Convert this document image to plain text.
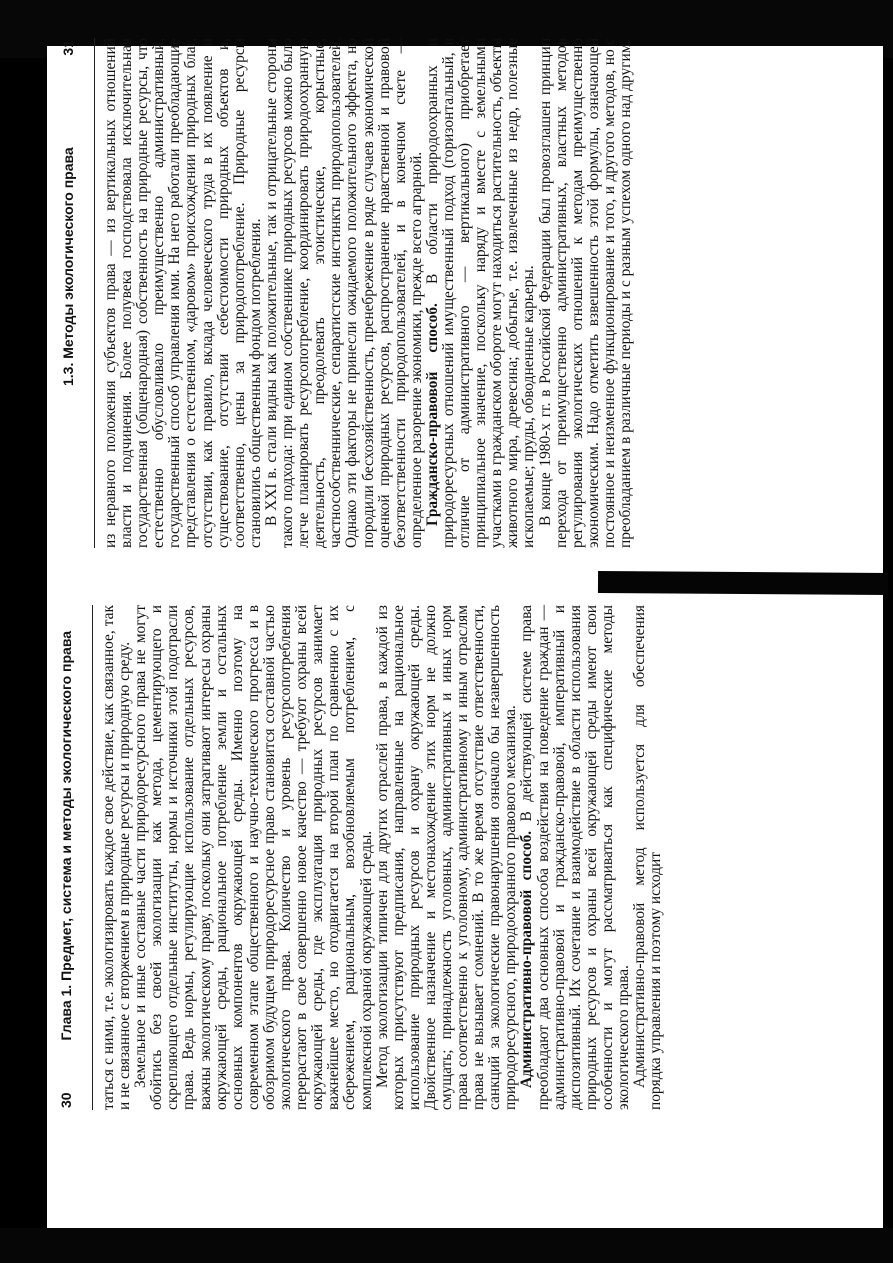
30
Глава 1. Предмет, система и методы экологического права таться с ними, т.е. экологизировать каждое свое действие, как связанное, так и не связанное с вторжением в природные ресурсы и природную среду. Земельное и иные составные части природоресурсного права не могут обойтись без своей экологизации как метода, цементирующего и скрепляющего отдельные институты, нормы и источники этой подотрасли права. Ведь нормы, регулирующие использование отдельных ресурсов, важны экологическому праву, поскольку они затрагивают интересы охраны окружающей среды, рациональное потребление земли и остальных основных компонентов окружающей среды. Именно поэтому на современном этапе общественного и научно-технического прогресса и в обозримом будущем природоресурсное право становится составной частью экологического права. Количество и уровень ресурсопотребления перерастают в свое совершенно новое качество — требуют охраны всей окружающей среды, где эксплуатация природных ресурсов занимает важнейшее место, но отодвигается на второй план по сравнению с их сбережением, рациональным, возобновляемым потреблением, с комплексной охраной окружающей среды. Метод экологизации типичен для других отраслей права, в каждой из которых присутствуют предписания, направленные на рациональное использование природных ресурсов и охрану окружающей среды. Двойственное назначение и местонахождение этих норм не должно смущать; принадлежность уголовных, административных и иных норм права соответственно к уголовному, административному и иным отраслям права не вызывает сомнений. В то же время отсутствие ответственности, санкций за экологические правонарушения означало бы незавершенность природоресурсного, природоохранного правового механизма. Административно-правовой способ. В действующей системе права преобладают два основных способа воздействия на поведение граждан — административно-правовой и гражданско-правовой, императивный и диспозитивный. Их сочетание и взаимодействие в области использования природных ресурсов и охраны всей окружающей среды имеют свои особенности и могут рассматриваться как специфические методы экологического права. Административно-правовой метод используется для обеспечения порядка управления и поэтому исходит

1.3. Методы экологического права
31 из неравного положения субъектов права — из вертикальных отношений власти и подчинения. Более полувека господствовала исключительная государственная (общенародная) собственность на природные ресурсы, что естественно обусловливало преимущественно административный, государственный способ управления ими. На него работали преобладающие представления о естественном, «даровом» происхождении природных благ, отсутствии, как правило, вклада человеческого труда в их появление и существование, отсутствии себестоимости природных объектов и, соответственно, цены за природопотребление. Природные ресурсы становились общественным фондом потребления. В XXI в. стали видны как положительные, так и отрицательные стороны такого подхода: при едином собственнике природных ресурсов можно было легче планировать ресурсопотребление, координировать природоохранную деятельность, преодолевать эгоистические, корыстные, частнособственнические, сепаратистские инстинкты природопользователей. Однако эти факторы не принесли ожидаемого положительного эффекта, но породили бесхозяйственность, пренебрежение в ряде случаев экономической оценкой природных ресурсов, распространение нравственной и правовой безответственности природопользователей, и в конечном счете — определенное разорение экономики, прежде всего аграрной. Гражданско-правовой способ. В области природоохранных и природоресурсных отношений имущественный подход (горизонтальный, в отличие от административного — вертикального) приобретает принципиальное значение, поскольку наряду и вместе с земельными участками в гражданском обороте могут находиться растительность, объекты животного мира, древесина; добытые, т.е. извлеченные из недр, полезные ископаемые; пруды, обводненные карьеры. В конце 1980-х гг. в Российской Федерации был провозглашен принцип перехода от преимущественно административных, властных методов регулирования экологических отношений к методам преимущественно экономическим. Надо отметить взвешенность этой формулы, означающей постоянное и неизменное функционирование и того, и другого методов, но с преобладанием в различные периоды и с разным успехом одного над другим.
